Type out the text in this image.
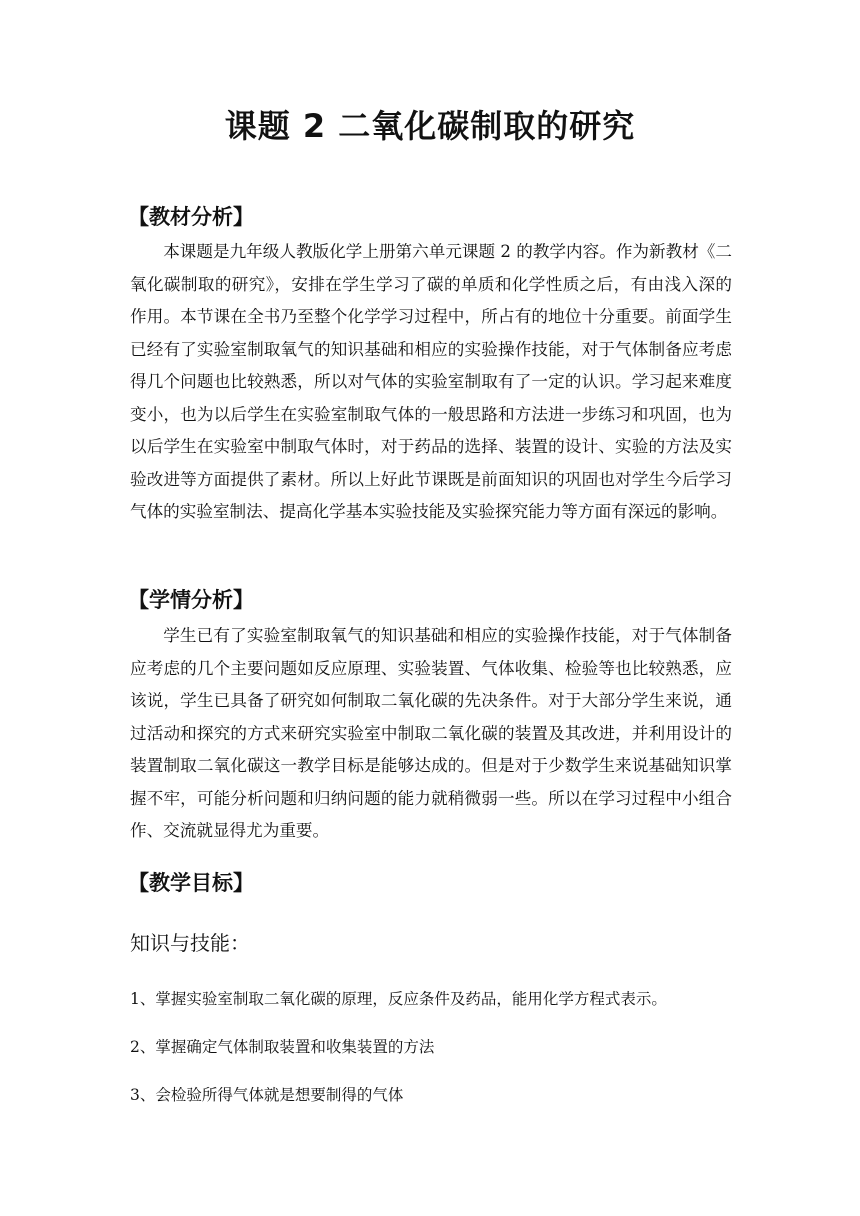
课题 2 二氧化碳制取的研究
【教材分析】

本课题是九年级人教版化学上册第六单元课题 2 的教学内容。作为新教材《二氧化碳制取的研究》，安排在学生学习了碳的单质和化学性质之后，有由浅入深的作用。本节课在全书乃至整个化学学习过程中，所占有的地位十分重要。前面学生已经有了实验室制取氧气的知识基础和相应的实验操作技能，对于气体制备应考虑得几个问题也比较熟悉，所以对气体的实验室制取有了一定的认识。学习起来难度变小，也为以后学生在实验室制取气体的一般思路和方法进一步练习和巩固，也为以后学生在实验室中制取气体时，对于药品的选择、装置的设计、实验的方法及实验改进等方面提供了素材。所以上好此节课既是前面知识的巩固也对学生今后学习气体的实验室制法、提高化学基本实验技能及实验探究能力等方面有深远的影响。

【学情分析】

学生已有了实验室制取氧气的知识基础和相应的实验操作技能，对于气体制备应考虑的几个主要问题如反应原理、实验装置、气体收集、检验等也比较熟悉，应该说，学生已具备了研究如何制取二氧化碳的先决条件。对于大部分学生来说，通过活动和探究的方式来研究实验室中制取二氧化碳的装置及其改进，并利用设计的装置制取二氧化碳这一教学目标是能够达成的。但是对于少数学生来说基础知识掌握不牢，可能分析问题和归纳问题的能力就稍微弱一些。所以在学习过程中小组合作、交流就显得尤为重要。

【教学目标】
知识与技能：
1、掌握实验室制取二氧化碳的原理，反应条件及药品，能用化学方程式表示。
2、掌握确定气体制取装置和收集装置的方法
3、会检验所得气体就是想要制得的气体
